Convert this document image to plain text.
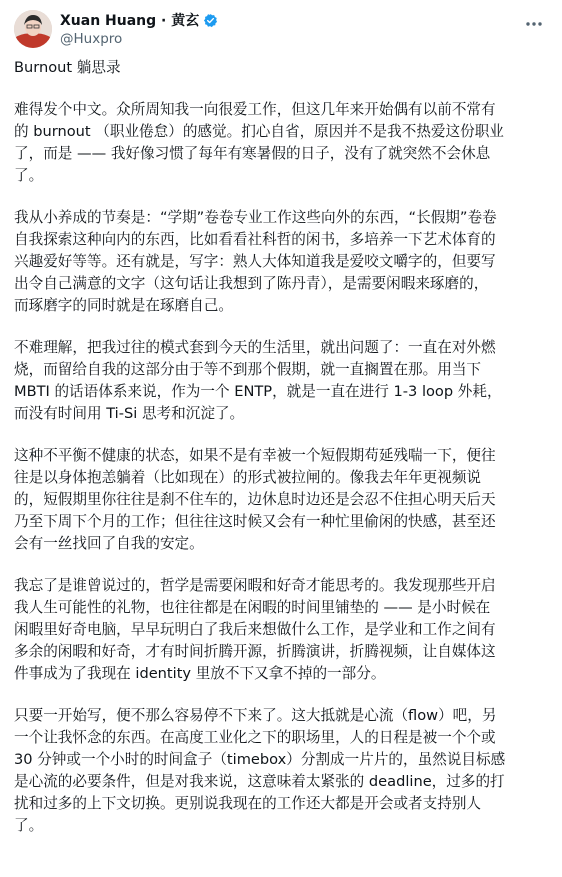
Xuan Huang · 黄玄
@Huxpro
Burnout 躺思录
难得发个中文。众所周知我一向很爱工作，但这几年来开始偶有以前不常有
的 burnout （职业倦怠）的感觉。扪心自省，原因并不是我不热爱这份职业
了，而是 —— 我好像习惯了每年有寒暑假的日子，没有了就突然不会休息
了。
我从小养成的节奏是：“学期”卷卷专业工作这些向外的东西，“长假期”卷卷
自我探索这种向内的东西，比如看看社科哲的闲书，多培养一下艺术体育的
兴趣爱好等等。还有就是，写字：熟人大体知道我是爱咬文嚼字的，但要写
出令自己满意的文字（这句话让我想到了陈丹青），是需要闲暇来琢磨的，
而琢磨字的同时就是在琢磨自己。
不难理解，把我过往的模式套到今天的生活里，就出问题了：一直在对外燃
烧，而留给自我的这部分由于等不到那个假期，就一直搁置在那。用当下
MBTI 的话语体系来说，作为一个 ENTP，就是一直在进行 1-3 loop 外耗，
而没有时间用 Ti-Si 思考和沉淀了。
这种不平衡不健康的状态，如果不是有幸被一个短假期苟延残喘一下，便往
往是以身体抱恙躺着（比如现在）的形式被拉闸的。像我去年年更视频说
的，短假期里你往往是刹不住车的，边休息时边还是会忍不住担心明天后天
乃至下周下个月的工作；但往往这时候又会有一种忙里偷闲的快感，甚至还
会有一丝找回了自我的安定。
我忘了是谁曾说过的，哲学是需要闲暇和好奇才能思考的。我发现那些开启
我人生可能性的礼物，也往往都是在闲暇的时间里铺垫的 —— 是小时候在
闲暇里好奇电脑，早早玩明白了我后来想做什么工作，是学业和工作之间有
多余的闲暇和好奇，才有时间折腾开源，折腾演讲，折腾视频，让自媒体这
件事成为了我现在 identity 里放不下又拿不掉的一部分。
只要一开始写，便不那么容易停不下来了。这大抵就是心流（flow）吧，另
一个让我怀念的东西。在高度工业化之下的职场里，人的日程是被一个个或
30 分钟或一个小时的时间盒子（timebox）分割成一片片的，虽然说目标感
是心流的必要条件，但是对我来说，这意味着太紧张的 deadline，过多的打
扰和过多的上下文切换。更别说我现在的工作还大都是开会或者支持别人
了。
